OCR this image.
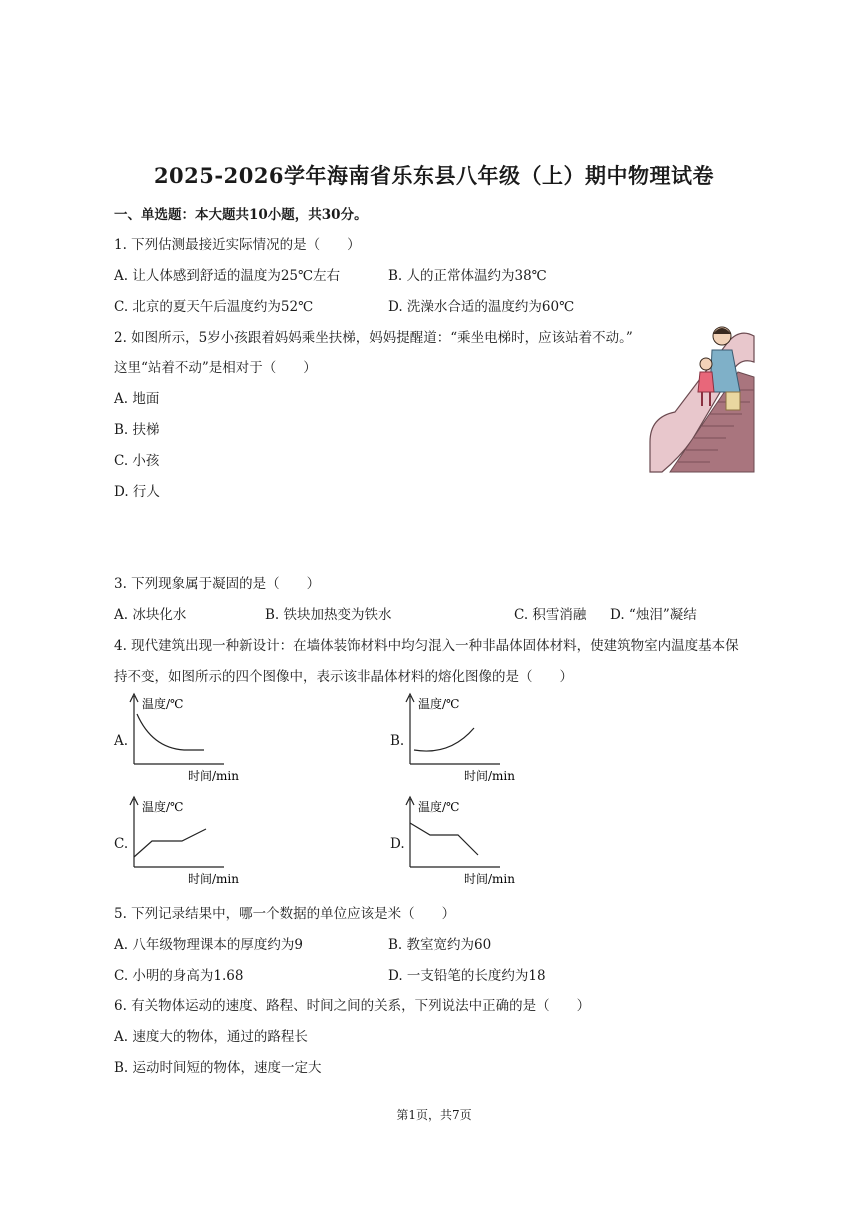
2025-2026学年海南省乐东县八年级（上）期中物理试卷
一、单选题：本大题共10小题，共30分。
1. 下列估测最接近实际情况的是（　　）
A. 让人体感到舒适的温度为25℃左右	B. 人的正常体温约为38℃
C. 北京的夏天午后温度约为52℃	D. 洗澡水合适的温度约为60℃
2. 如图所示，5岁小孩跟着妈妈乘坐扶梯，妈妈提醒道：“乘坐电梯时，应该站着不动。”
这里“站着不动”是相对于（　　）
A. 地面
B. 扶梯
C. 小孩
D. 行人
3. 下列现象属于凝固的是（　　）
A. 冰块化水	B. 铁块加热变为铁水	C. 积雪消融 D. “烛泪”凝结
4. 现代建筑出现一种新设计：在墙体装饰材料中均匀混入一种非晶体固体材料，使建筑物室内温度基本保
持不变，如图所示的四个图像中，表示该非晶体材料的熔化图像的是（　　）
A.
温度/℃
时间/min
B.
温度/℃
时间/min
C.
温度/℃
时间/min
D.
温度/℃
时间/min
5. 下列记录结果中，哪一个数据的单位应该是米（　　）
A. 八年级物理课本的厚度约为9	B. 教室宽约为60
C. 小明的身高为1.68	D. 一支铅笔的长度约为18
6. 有关物体运动的速度、路程、时间之间的关系，下列说法中正确的是（　　）
A. 速度大的物体，通过的路程长
B. 运动时间短的物体，速度一定大
第1页，共7页
